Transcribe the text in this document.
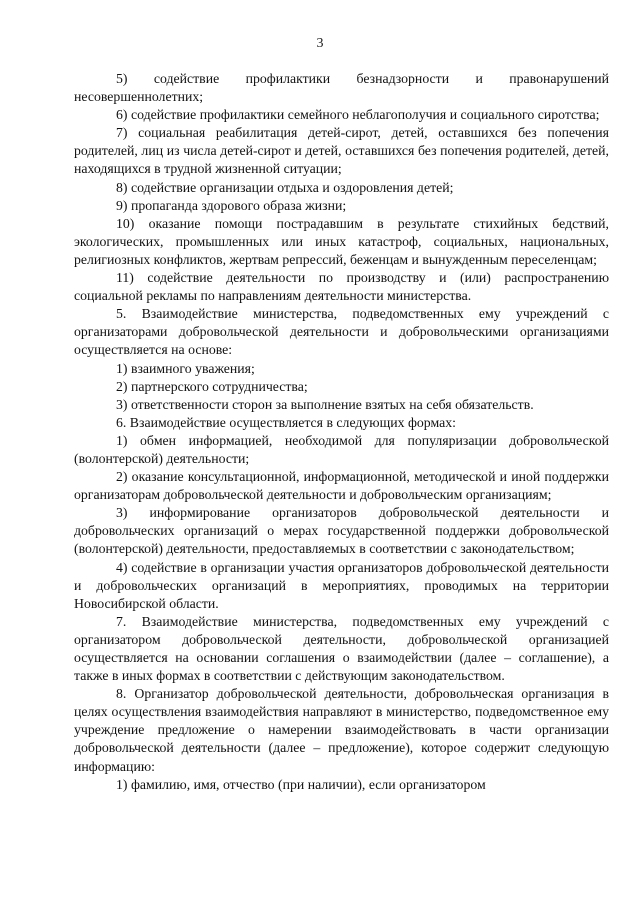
3

5) содействие профилактики безнадзорности и правонарушений несовершеннолетних;

6) содействие профилактики семейного неблагополучия и социального сиротства;

7) социальная реабилитация детей-сирот, детей, оставшихся без попечения родителей, лиц из числа детей-сирот и детей, оставшихся без попечения родителей, детей, находящихся в трудной жизненной ситуации;

8) содействие организации отдыха и оздоровления детей;

9) пропаганда здорового образа жизни;

10) оказание помощи пострадавшим в результате стихийных бедствий, экологических, промышленных или иных катастроф, социальных, национальных, религиозных конфликтов, жертвам репрессий, беженцам и вынужденным переселенцам;

11) содействие деятельности по производству и (или) распространению социальной рекламы по направлениям деятельности министерства.

5. Взаимодействие министерства, подведомственных ему учреждений с организаторами добровольческой деятельности и добровольческими организациями осуществляется на основе:

1) взаимного уважения;

2) партнерского сотрудничества;

3) ответственности сторон за выполнение взятых на себя обязательств.

6. Взаимодействие осуществляется в следующих формах:

1) обмен информацией, необходимой для популяризации добровольческой (волонтерской) деятельности;

2) оказание консультационной, информационной, методической и иной поддержки организаторам добровольческой деятельности и добровольческим организациям;

3) информирование организаторов добровольческой деятельности и добровольческих организаций о мерах государственной поддержки добровольческой (волонтерской) деятельности, предоставляемых в соответствии с законодательством;

4) содействие в организации участия организаторов добровольческой деятельности и добровольческих организаций в мероприятиях, проводимых на территории Новосибирской области.

7. Взаимодействие министерства, подведомственных ему учреждений с организатором добровольческой деятельности, добровольческой организацией осуществляется на основании соглашения о взаимодействии (далее – соглашение), а также в иных формах в соответствии с действующим законодательством.

8. Организатор добровольческой деятельности, добровольческая организация в целях осуществления взаимодействия направляют в министерство, подведомственное ему учреждение предложение о намерении взаимодействовать в части организации добровольческой деятельности (далее – предложение), которое содержит следующую информацию:

1) фамилию, имя, отчество (при наличии), если организатором
